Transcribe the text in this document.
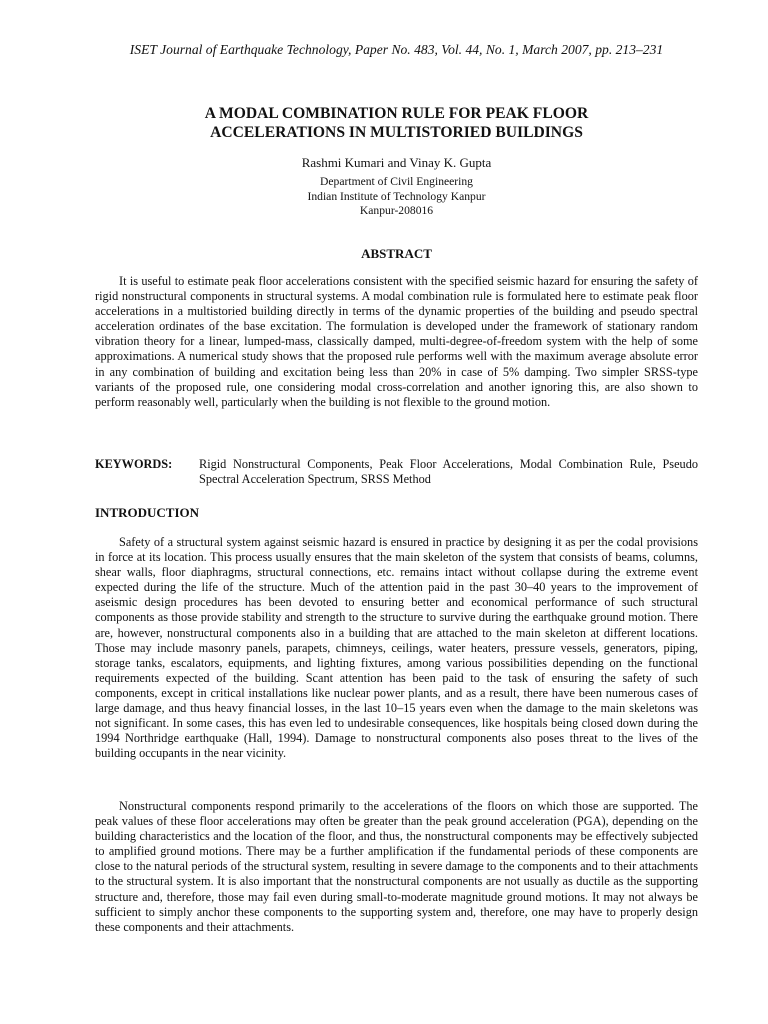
ISET Journal of Earthquake Technology, Paper No. 483, Vol. 44, No. 1, March 2007, pp. 213–231
A MODAL COMBINATION RULE FOR PEAK FLOOR
ACCELERATIONS IN MULTISTORIED BUILDINGS
Rashmi Kumari and Vinay K. Gupta
Department of Civil Engineering
Indian Institute of Technology Kanpur
Kanpur-208016
ABSTRACT

It is useful to estimate peak floor accelerations consistent with the specified seismic hazard for ensuring the safety of rigid nonstructural components in structural systems. A modal combination rule is formulated here to estimate peak floor accelerations in a multistoried building directly in terms of the dynamic properties of the building and pseudo spectral acceleration ordinates of the base excitation. The formulation is developed under the framework of stationary random vibration theory for a linear, lumped-mass, classically damped, multi-degree-of-freedom system with the help of some approximations. A numerical study shows that the proposed rule performs well with the maximum average absolute error in any combination of building and excitation being less than 20% in case of 5% damping. Two simpler SRSS-type variants of the proposed rule, one considering modal cross-correlation and another ignoring this, are also shown to perform reasonably well, particularly when the building is not flexible to the ground motion.

KEYWORDS:	Rigid Nonstructural Components, Peak Floor Accelerations, Modal Combination Rule, Pseudo Spectral Acceleration Spectrum, SRSS Method
INTRODUCTION

Safety of a structural system against seismic hazard is ensured in practice by designing it as per the codal provisions in force at its location. This process usually ensures that the main skeleton of the system that consists of beams, columns, shear walls, floor diaphragms, structural connections, etc. remains intact without collapse during the extreme event expected during the life of the structure. Much of the attention paid in the past 30–40 years to the improvement of aseismic design procedures has been devoted to ensuring better and economical performance of such structural components as those provide stability and strength to the structure to survive during the earthquake ground motion. There are, however, nonstructural components also in a building that are attached to the main skeleton at different locations. Those may include masonry panels, parapets, chimneys, ceilings, water heaters, pressure vessels, generators, piping, storage tanks, escalators, equipments, and lighting fixtures, among various possibilities depending on the functional requirements expected of the building. Scant attention has been paid to the task of ensuring the safety of such components, except in critical installations like nuclear power plants, and as a result, there have been numerous cases of large damage, and thus heavy financial losses, in the last 10–15 years even when the damage to the main skeletons was not significant. In some cases, this has even led to undesirable consequences, like hospitals being closed down during the 1994 Northridge earthquake (Hall, 1994). Damage to nonstructural components also poses threat to the lives of the building occupants in the near vicinity.

Nonstructural components respond primarily to the accelerations of the floors on which those are supported. The peak values of these floor accelerations may often be greater than the peak ground acceleration (PGA), depending on the building characteristics and the location of the floor, and thus, the nonstructural components may be effectively subjected to amplified ground motions. There may be a further amplification if the fundamental periods of these components are close to the natural periods of the structural system, resulting in severe damage to the components and to their attachments to the structural system. It is also important that the nonstructural components are not usually as ductile as the supporting structure and, therefore, those may fail even during small-to-moderate magnitude ground motions. It may not always be sufficient to simply anchor these components to the supporting system and, therefore, one may have to properly design these components and their attachments.
